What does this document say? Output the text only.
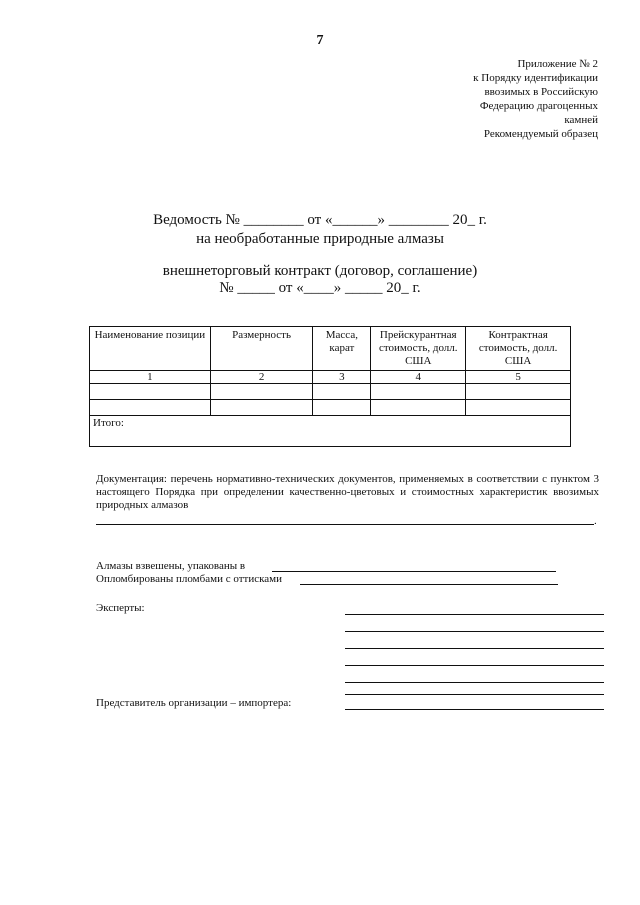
7
Приложение № 2
к Порядку идентификации
ввозимых в Российскую
Федерацию драгоценных
камней
Рекомендуемый образец
Ведомость № ________ от «______» ________ 20_ г.
на необработанные природные алмазы
внешнеторговый контракт (договор, соглашение)
№ _____ от «____» _____ 20_ г.
Наименование позиции	Размерность	Масса, карат	Прейскурантная стоимость, долл. США	Контрактная стоимость, долл. США
1	2	3	4	5

Итого:				
Документация: перечень нормативно-технических документов, применяемых в соответствии с пунктом 3 настоящего Порядка при определении качественно-цветовых и стоимостных характеристик ввозимых природных алмазов
.
Алмазы взвешены, упакованы в
Опломбированы пломбами с оттисками
Эксперты:
Представитель организации – импортера:
